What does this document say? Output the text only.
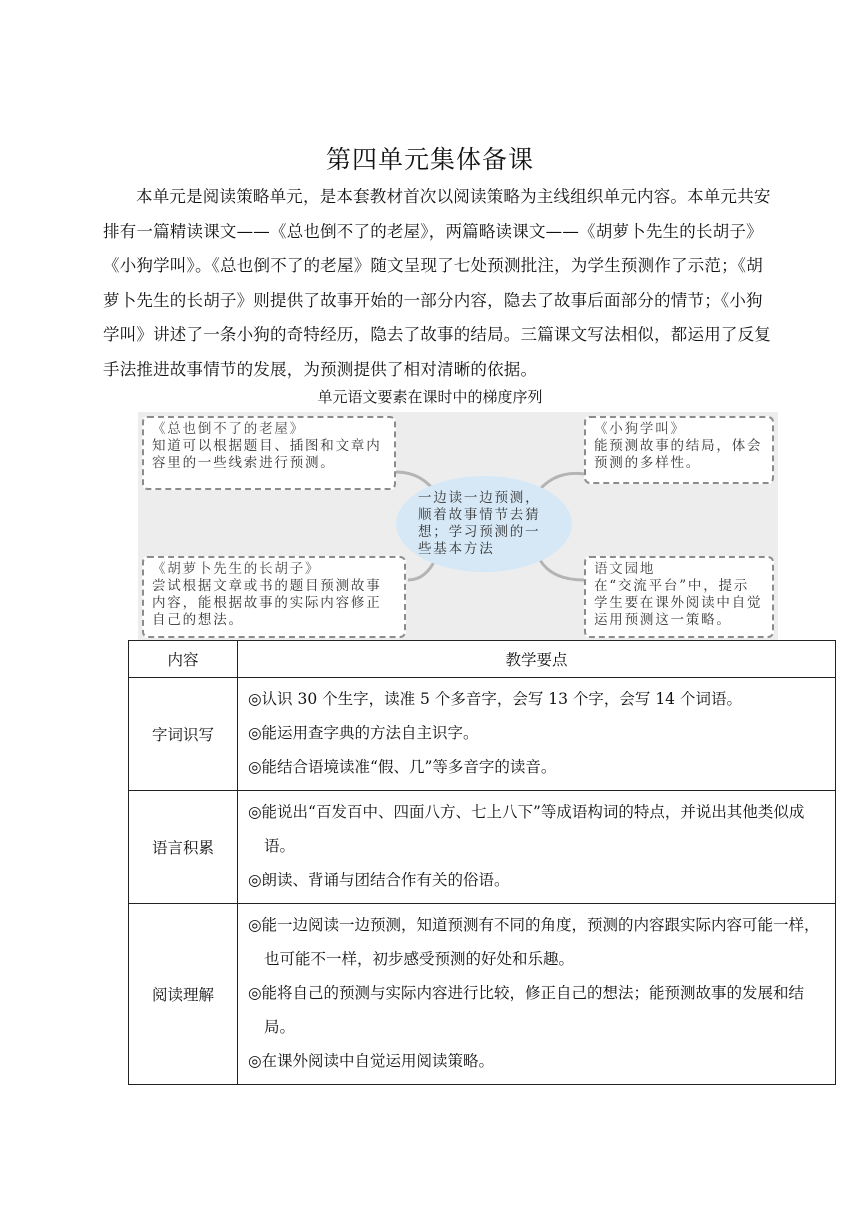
第四单元集体备课

本单元是阅读策略单元，是本套教材首次以阅读策略为主线组织单元内容。本单元共安排有一篇精读课文——《总也倒不了的老屋》，两篇略读课文——《胡萝卜先生的长胡子》 《小狗学叫》。《总也倒不了的老屋》随文呈现了七处预测批注，为学生预测作了示范；《胡萝卜先生的长胡子》则提供了故事开始的一部分内容，隐去了故事后面部分的情节；《小狗学叫》讲述了一条小狗的奇特经历，隐去了故事的结局。三篇课文写法相似，都运用了反复手法推进故事情节的发展，为预测提供了相对清晰的依据。

单元语文要素在课时中的梯度序列
《总也倒不了的老屋》
知道可以根据题目、插图和文章内容里的一些线索进行预测。
《小狗学叫》
能预测故事的结局，体会预测的多样性。
一边读一边预测，顺着故事情节去猜想；学习预测的一些基本方法
《胡萝卜先生的长胡子》
尝试根据文章或书的题目预测故事内容，能根据故事的实际内容修正自己的想法。
语文园地
在“交流平台”中，提示学生要在课外阅读中自觉运用预测这一策略。
内容	教学要点
字词识写	◎认识 30 个生字，读准 5 个多音字，会写 13 个字，会写 14 个词语。
◎能运用查字典的方法自主识字。
◎能结合语境读准“假、几”等多音字的读音。

语言积累	◎能说出“百发百中、四面八方、七上八下”等成语构词的特点，并说出其他类似成语。
◎朗读、背诵与团结合作有关的俗语。

阅读理解	◎能一边阅读一边预测，知道预测有不同的角度，预测的内容跟实际内容可能一样，也可能不一样，初步感受预测的好处和乐趣。
◎能将自己的预测与实际内容进行比较，修正自己的想法；能预测故事的发展和结局。
◎在课外阅读中自觉运用阅读策略。
